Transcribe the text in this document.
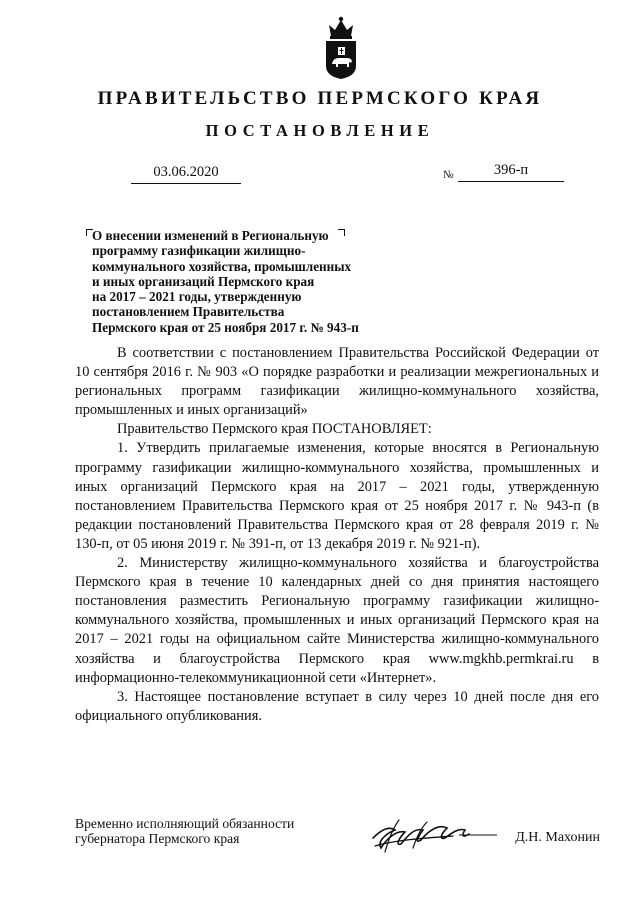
ПРАВИТЕЛЬСТВО ПЕРМСКОГО КРАЯ
ПОСТАНОВЛЕНИЕ
03.06.2020	№	396-п
О внесении изменений в Региональную
программу газификации жилищно-
коммунального хозяйства, промышленных
и иных организаций Пермского края
на 2017 – 2021 годы, утвержденную
постановлением Правительства
Пермского края от 25 ноября 2017 г. № 943-п

В соответствии с постановлением Правительства Российской Федерации от 10 сентября 2016 г. № 903 «О порядке разработки и реализации межрегиональных и региональных программ газификации жилищно-коммунального хозяйства, промышленных и иных организаций»

Правительство Пермского края ПОСТАНОВЛЯЕТ:

1. Утвердить прилагаемые изменения, которые вносятся в Региональную программу газификации жилищно-коммунального хозяйства, промышленных и иных организаций Пермского края на 2017 – 2021 годы, утвержденную постановлением Правительства Пермского края от 25 ноября 2017 г. № 943-п (в редакции постановлений Правительства Пермского края от 28 февраля 2019 г. № 130-п, от 05 июня 2019 г. № 391-п, от 13 декабря 2019 г. № 921-п).

2. Министерству жилищно-коммунального хозяйства и благоустройства Пермского края в течение 10 календарных дней со дня принятия настоящего постановления разместить Региональную программу газификации жилищно-коммунального хозяйства, промышленных и иных организаций Пермского края на 2017 – 2021 годы на официальном сайте Министерства жилищно-коммунального хозяйства и благоустройства Пермского края www.mgkhb.permkrai.ru в информационно-телекоммуникационной сети «Интернет».

3. Настоящее постановление вступает в силу через 10 дней после дня его официального опубликования.

Временно исполняющий обязанности
губернатора Пермского края	Д.Н. Махонин
